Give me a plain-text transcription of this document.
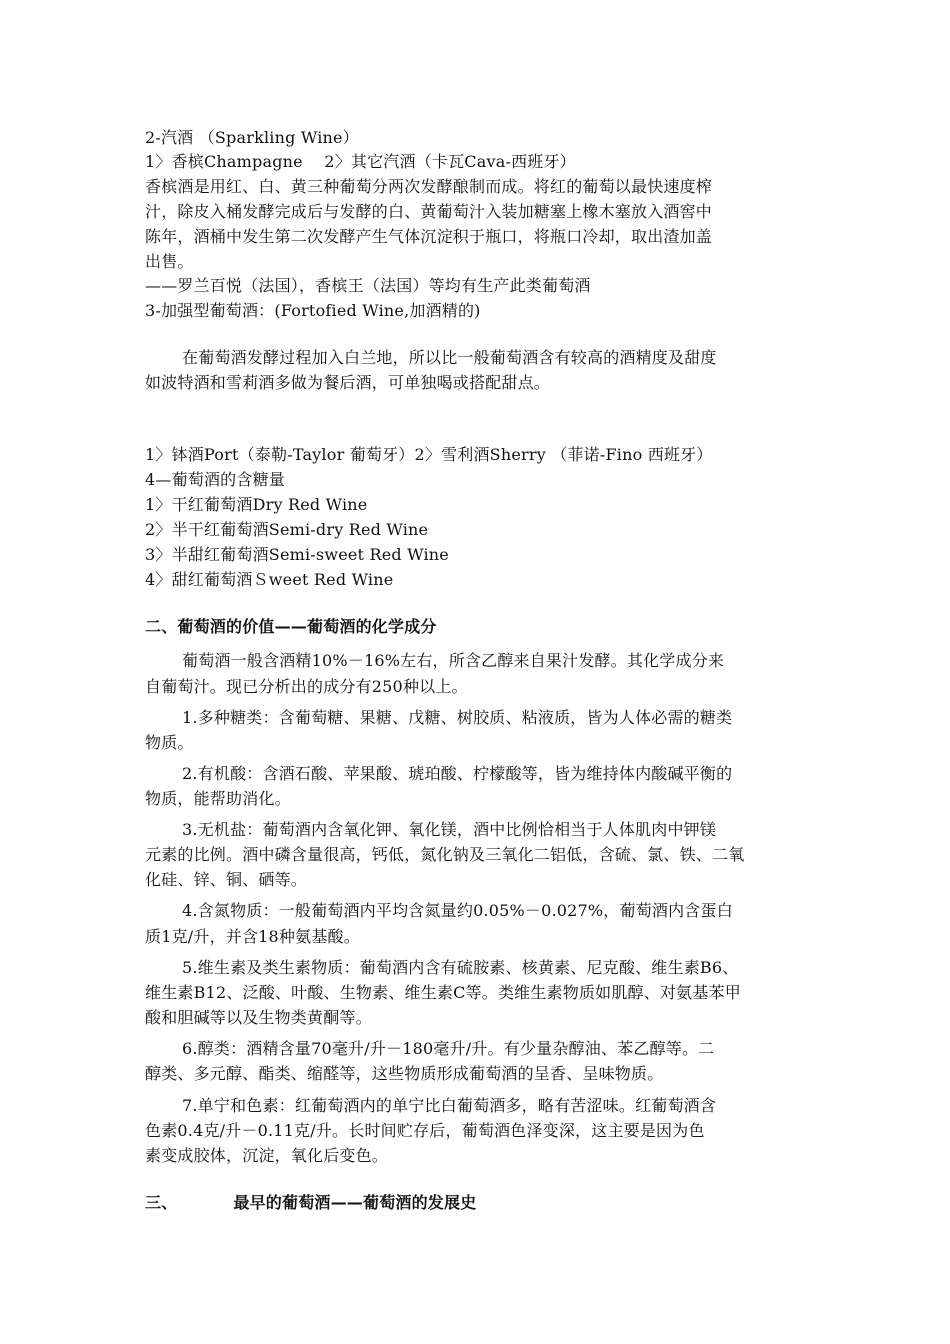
2-汽酒 （Sparkling Wine）
1〉香槟Champagne　 2〉其它汽酒（卡瓦Cava-西班牙）
香槟酒是用红、白、黄三种葡萄分两次发酵酿制而成。将红的葡萄以最快速度榨
汁，除皮入桶发酵完成后与发酵的白、黄葡萄汁入装加糖塞上橡木塞放入酒窖中
陈年，酒桶中发生第二次发酵产生气体沉淀积于瓶口，将瓶口冷却，取出渣加盖
出售。
——罗兰百悦（法国），香槟王（法国）等均有生产此类葡萄酒
3-加强型葡萄酒：(Fortofied Wine,加酒精的)
在葡萄酒发酵过程加入白兰地，所以比一般葡萄酒含有较高的酒精度及甜度
如波特酒和雪莉酒多做为餐后酒，可单独喝或搭配甜点。
1〉钵酒Port（泰勒-Taylor 葡萄牙）2〉雪利酒Sherry （菲诺-Fino 西班牙）
4—葡萄酒的含糖量
1〉干红葡萄酒Dry Red Wine
2〉半干红葡萄酒Semi-dry Red Wine
3〉半甜红葡萄酒Semi-sweet Red Wine
4〉甜红葡萄酒Ｓweet Red Wine
二、葡萄酒的价值——葡萄酒的化学成分
葡萄酒一般含酒精10%－16%左右，所含乙醇来自果汁发酵。其化学成分来
自葡萄汁。现已分析出的成分有250种以上。
1.多种糖类：含葡萄糖、果糖、戊糖、树胶质、粘液质，皆为人体必需的糖类
物质。
2.有机酸：含酒石酸、苹果酸、琥珀酸、柠檬酸等，皆为维持体内酸碱平衡的
物质，能帮助消化。
3.无机盐：葡萄酒内含氧化钾、氧化镁，酒中比例恰相当于人体肌肉中钾镁
元素的比例。酒中磷含量很高，钙低，氮化钠及三氧化二铝低，含硫、氯、铁、二氧
化硅、锌、铜、硒等。
4.含氮物质：一般葡萄酒内平均含氮量约0.05%－0.027%，葡萄酒内含蛋白
质1克/升，并含18种氨基酸。
5.维生素及类生素物质：葡萄酒内含有硫胺素、核黄素、尼克酸、维生素B6、
维生素B12、泛酸、叶酸、生物素、维生素C等。类维生素物质如肌醇、对氨基苯甲
酸和胆碱等以及生物类黄酮等。
6.醇类：酒精含量70毫升/升－180毫升/升。有少量杂醇油、苯乙醇等。二
醇类、多元醇、酯类、缩醛等，这些物质形成葡萄酒的呈香、呈味物质。
7.单宁和色素：红葡萄酒内的单宁比白葡萄酒多，略有苦涩味。红葡萄酒含
色素0.4克/升－0.11克/升。长时间贮存后，葡萄酒色泽变深，这主要是因为色
素变成胶体，沉淀，氧化后变色。
三、	最早的葡萄酒——葡萄酒的发展史
